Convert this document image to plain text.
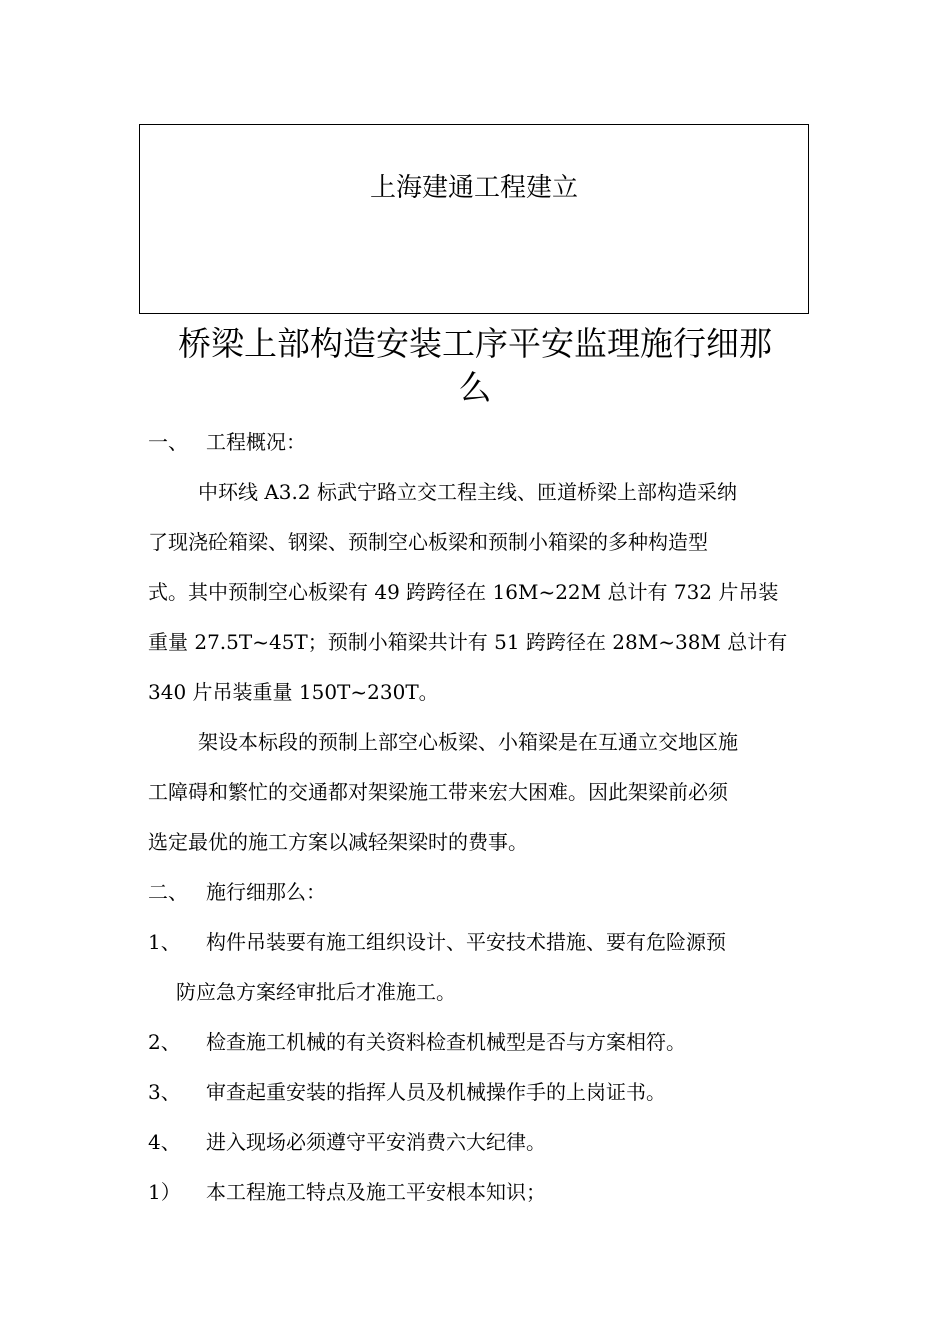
上海建通工程建立
桥梁上部构造安装工序平安监理施行细那
么
一、 工程概况：
中环线 A3.2 标武宁路立交工程主线、匝道桥梁上部构造采纳
了现浇砼箱梁、钢梁、预制空心板梁和预制小箱梁的多种构造型
式。其中预制空心板梁有 49 跨跨径在 16M~22M 总计有 732 片吊装
重量 27.5T~45T；预制小箱梁共计有 51 跨跨径在 28M~38M 总计有
340 片吊装重量 150T~230T。
架设本标段的预制上部空心板梁、小箱梁是在互通立交地区施
工障碍和繁忙的交通都对架梁施工带来宏大困难。因此架梁前必须
选定最优的施工方案以减轻架梁时的费事。
二、 施行细那么：
1、 构件吊装要有施工组织设计、平安技术措施、要有危险源预
防应急方案经审批后才准施工。
2、 检查施工机械的有关资料检查机械型是否与方案相符。
3、 审查起重安装的指挥人员及机械操作手的上岗证书。
4、 进入现场必须遵守平安消费六大纪律。
1） 本工程施工特点及施工平安根本知识；
